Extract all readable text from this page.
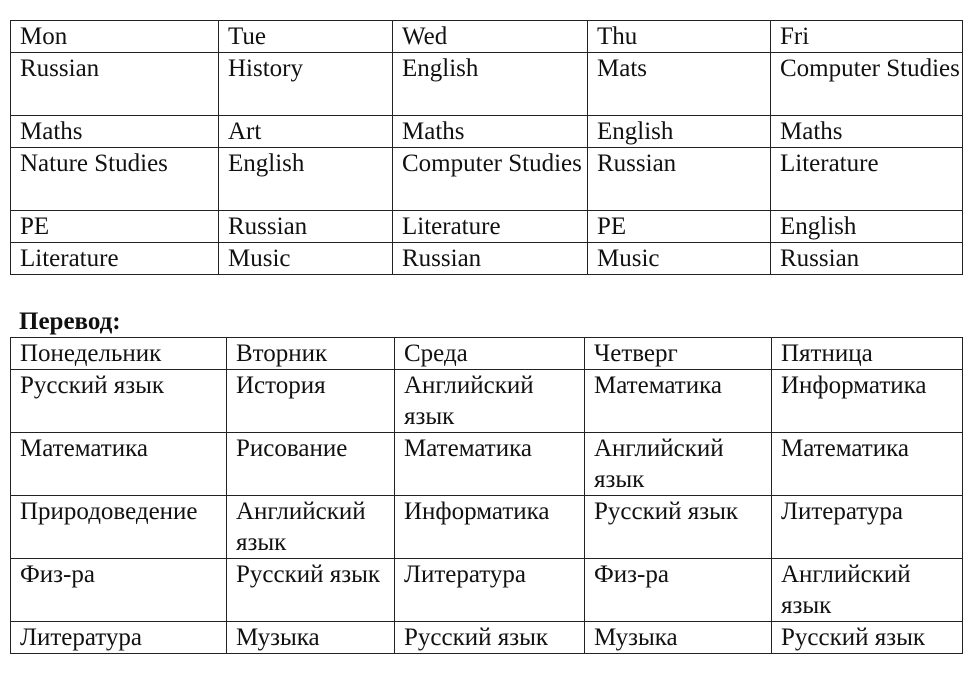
Mon	Tue	Wed	Thu	Fri
Russian	History	English	Mats	Computer Studies
Maths	Art	Maths	English	Maths
Nature Studies	English	Computer Studies	Russian	Literature
PE	Russian	Literature	PE	English
Literature	Music	Russian	Music	Russian

Перевод:

Понедельник	Вторник	Среда	Четверг	Пятница
Русский язык	История	Английский язык	Математика	Информатика
Математика	Рисование	Математика	Английский язык	Математика
Природоведение	Английский язык	Информатика	Русский язык	Литература
Физ-ра	Русский язык	Литература	Физ-ра	Английский язык
Литература	Музыка	Русский язык	Музыка	Русский язык
